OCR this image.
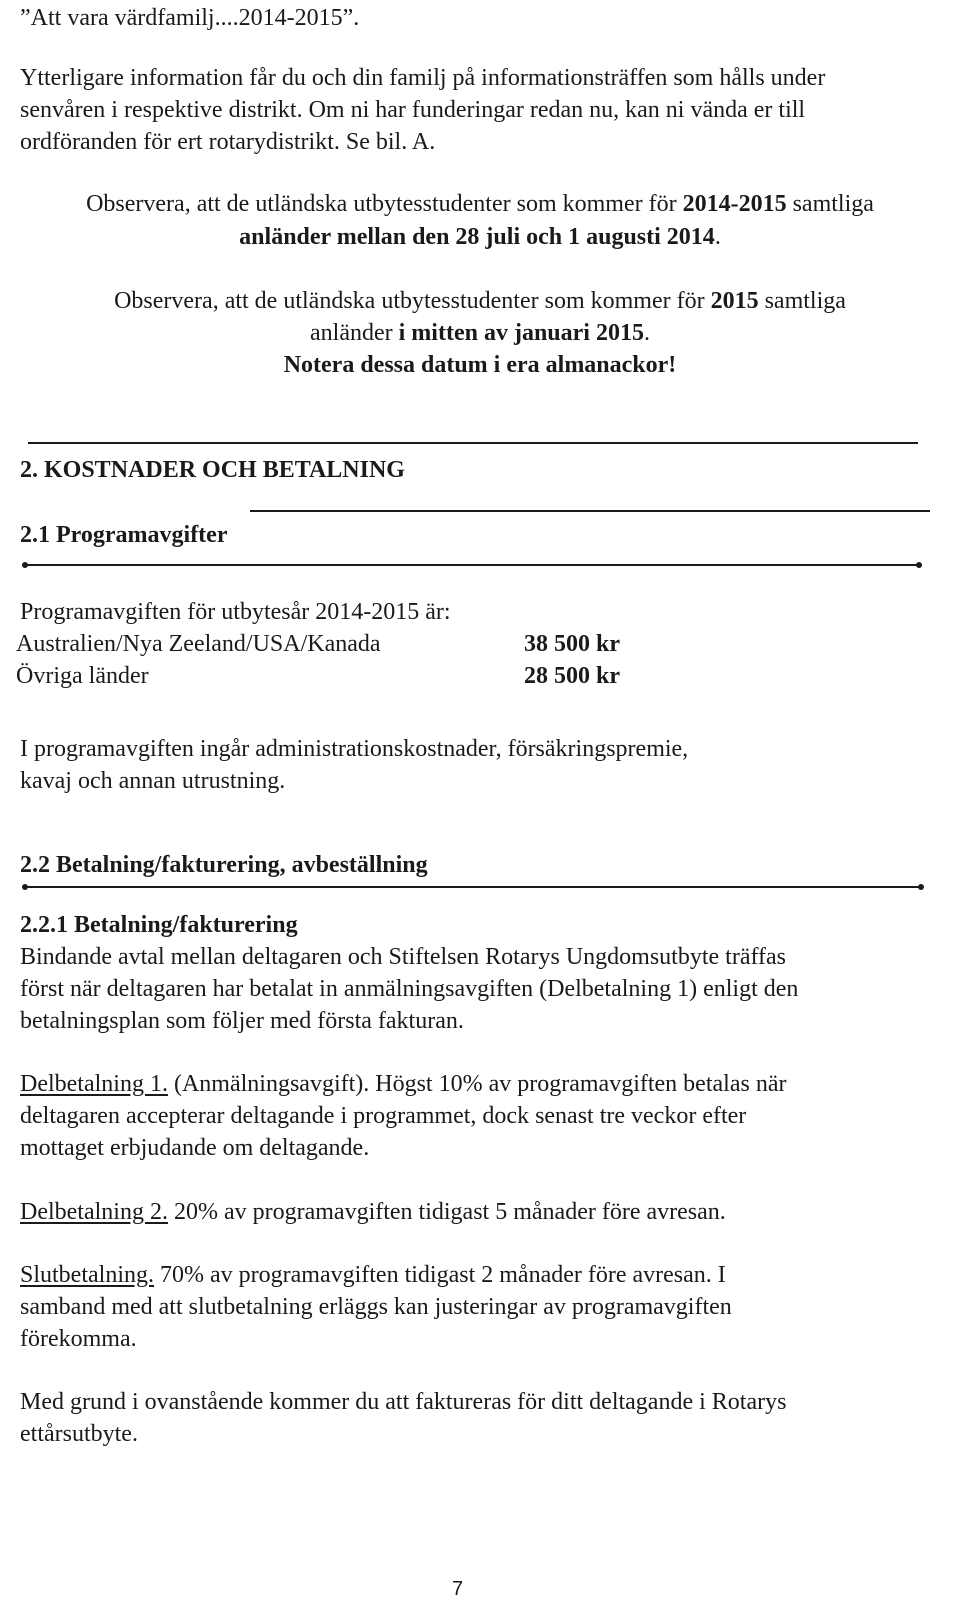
”Att vara värdfamilj....2014-2015”.

Ytterligare information får du och din familj på informationsträffen som hålls under senvåren i respektive distrikt. Om ni har funderingar redan nu, kan ni vända er till ordföranden för ert rotarydistrikt. Se bil. A.

Observera, att de utländska utbytesstudenter som kommer för 2014-2015 samtliga

anländer mellan den 28 juli och 1 augusti 2014.

Observera, att de utländska utbytesstudenter som kommer för 2015 samtliga

anländer i mitten av januari 2015.

Notera dessa datum i era almanackor!

2. KOSTNADER OCH BETALNING

2.1 Programavgifter

Programavgiften för utbytesår 2014-2015 är:

Australien/Nya Zeeland/USA/Kanada	38 500 kr

Övriga länder	28 500 kr

I programavgiften ingår administrationskostnader, försäkringspremie,

kavaj och annan utrustning.

2.2 Betalning/fakturering, avbeställning

2.2.1 Betalning/fakturering

Bindande avtal mellan deltagaren och Stiftelsen Rotarys Ungdomsutbyte träffas

först när deltagaren har betalat in anmälningsavgiften (Delbetalning 1) enligt den

betalningsplan som följer med första fakturan.

Delbetalning 1. (Anmälningsavgift). Högst 10% av programavgiften betalas när

deltagaren accepterar deltagande i programmet, dock senast tre veckor efter

mottaget erbjudande om deltagande.

Delbetalning 2. 20% av programavgiften tidigast 5 månader före avresan.

Slutbetalning. 70% av programavgiften tidigast 2 månader före avresan. I

samband med att slutbetalning erläggs kan justeringar av programavgiften

förekomma.

Med grund i ovanstående kommer du att faktureras för ditt deltagande i Rotarys

ettårsutbyte.

7
